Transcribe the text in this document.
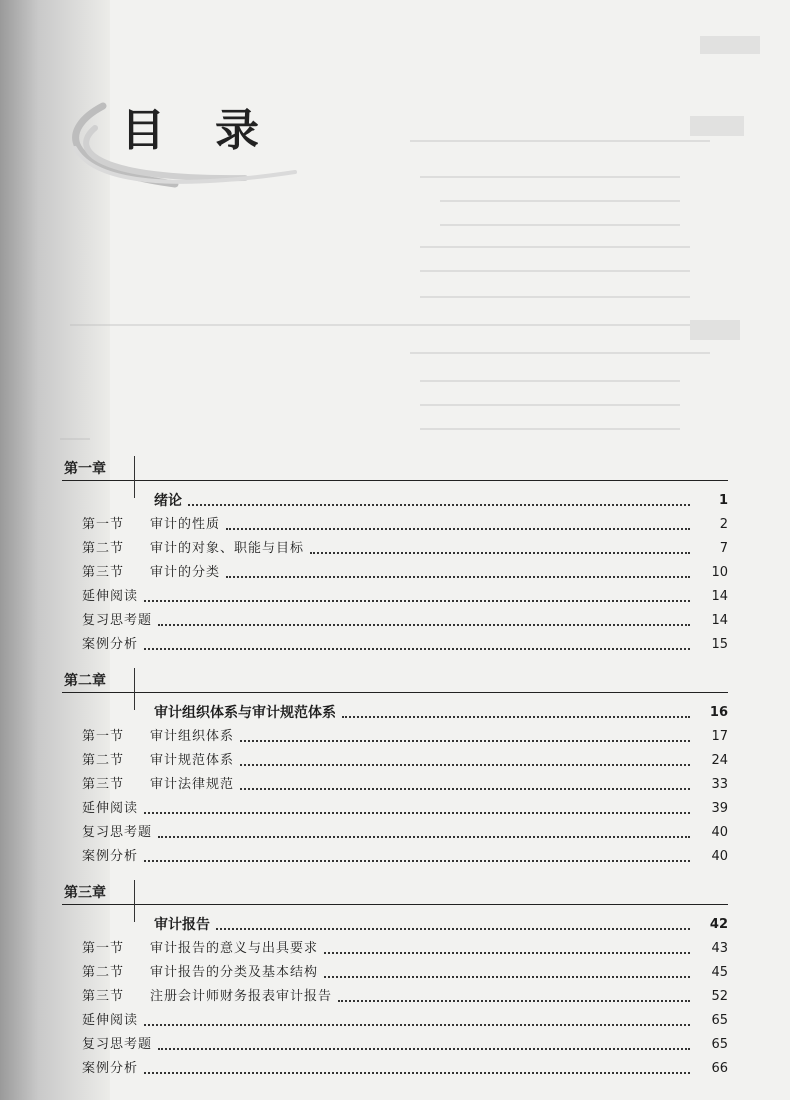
目录
第一章
绪论	1
第一节	审计的性质	2
第二节	审计的对象、职能与目标	7
第三节	审计的分类	10
延伸阅读	14
复习思考题	14
案例分析	15
第二章
审计组织体系与审计规范体系	16
第一节	审计组织体系	17
第二节	审计规范体系	24
第三节	审计法律规范	33
延伸阅读	39
复习思考题	40
案例分析	40
第三章
审计报告	42
第一节	审计报告的意义与出具要求	43
第二节	审计报告的分类及基本结构	45
第三节	注册会计师财务报表审计报告	52
延伸阅读	65
复习思考题	65
案例分析	66
